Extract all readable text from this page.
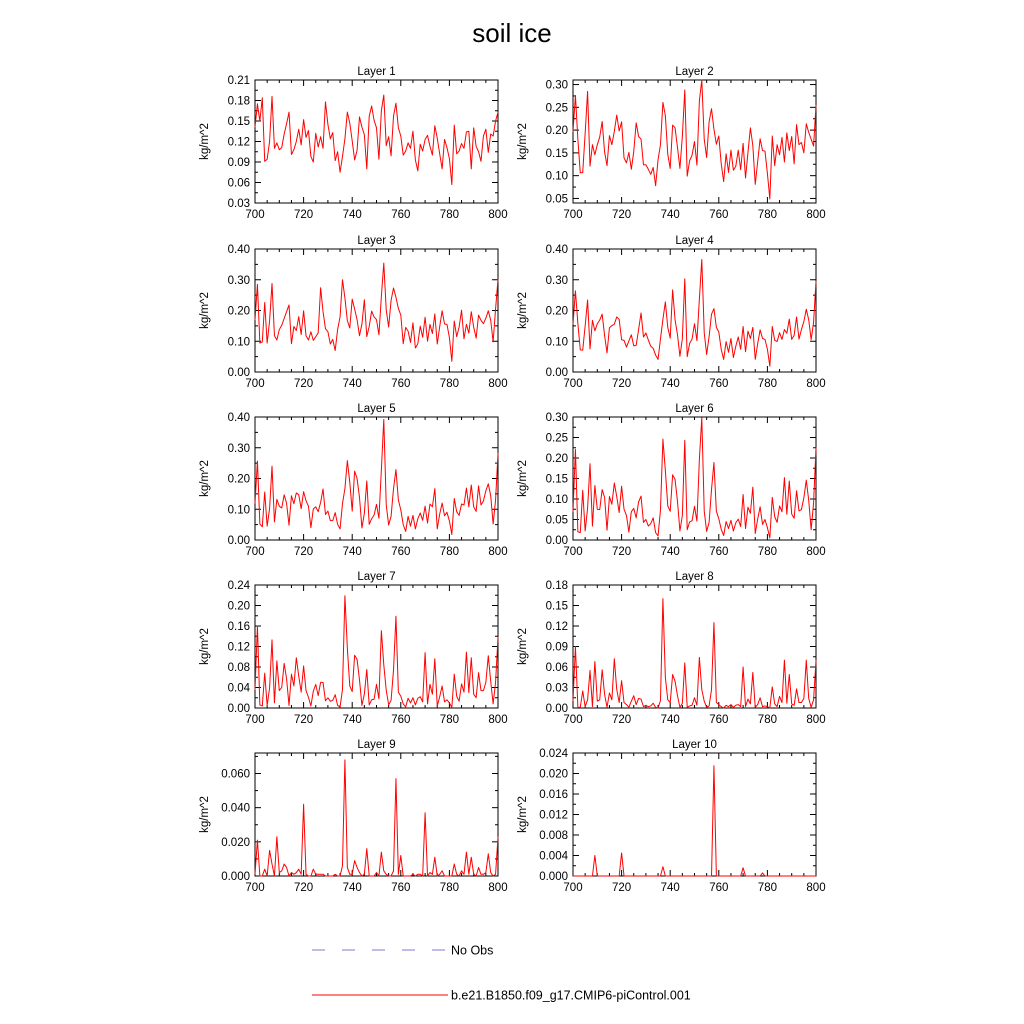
soil ice
Layer 1
kg/m^2
700	720	740	760	780	800
0.03
0.06
0.09
0.12
0.15
0.18
0.21
Layer 2
kg/m^2
700	720	740	760	780	800
0.05
0.10
0.15
0.20
0.25
0.30
Layer 3
kg/m^2
700	720	740	760	780	800
0.00
0.10
0.20
0.30
0.40
Layer 4
kg/m^2
700	720	740	760	780	800
0.00
0.10
0.20
0.30
0.40
Layer 5
kg/m^2
700	720	740	760	780	800
0.00
0.10
0.20
0.30
0.40
Layer 6
kg/m^2
700	720	740	760	780	800
0.00
0.05
0.10
0.15
0.20
0.25
0.30
Layer 7
kg/m^2
700	720	740	760	780	800
0.00
0.04
0.08
0.12
0.16
0.20
0.24
Layer 8
kg/m^2
700	720	740	760	780	800
0.00
0.03
0.06
0.09
0.12
0.15
0.18
Layer 9
kg/m^2
700	720	740	760	780	800
0.000
0.020
0.040
0.060
Layer 10
kg/m^2
700	720	740	760	780	800
0.000
0.004
0.008
0.012
0.016
0.020
0.024
No Obs
b.e21.B1850.f09_g17.CMIP6-piControl.001
